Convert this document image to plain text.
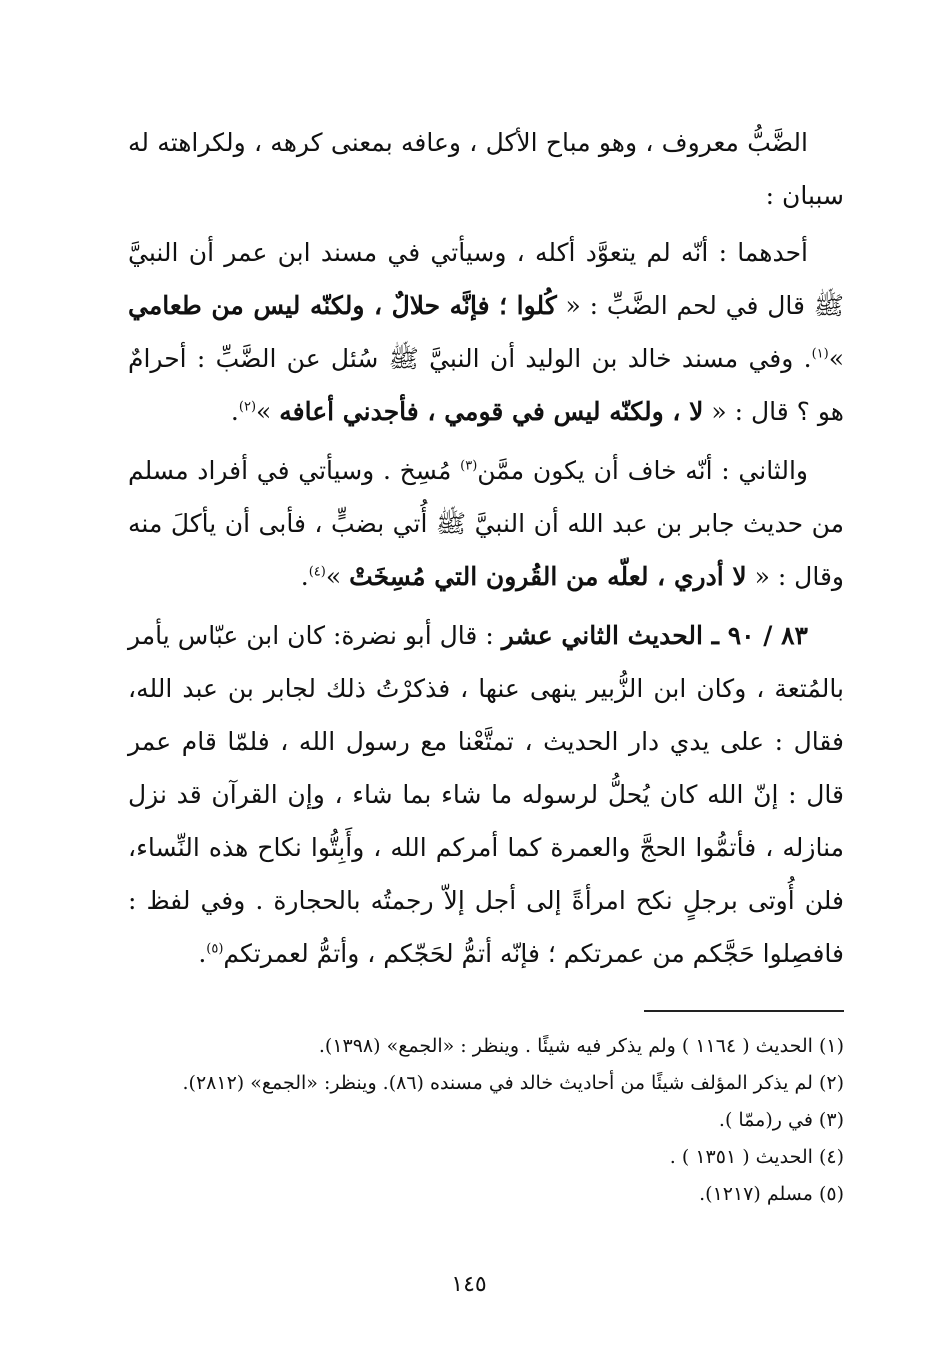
الضَّبُّ معروف ، وهو مباح الأكل ، وعافه بمعنى كرهه ، ولكراهته له سببان :

أحدهما : أنّه لم يتعوَّد أكله ، وسيأتي في مسند ابن عمر أن النبيَّ ﷺ قال في لحم الضَّبِّ : « كُلوا ؛ فإنَّه حلالٌ ، ولكنّه ليس من طعامي »$^{(١)}$. وفي مسند خالد بن الوليد أن النبيَّ ﷺ سُئل عن الضَّبِّ : أحرامٌ هو ؟ قال : « لا ، ولكنّه ليس في قومي ، فأجدني أعافه »$^{(٢)}$.

والثاني : أنّه خاف أن يكون ممَّن$^{(٣)}$ مُسِخ . وسيأتي في أفراد مسلم من حديث جابر بن عبد الله أن النبيَّ ﷺ أُتي بضبٍّ ، فأبى أن يأكلَ منه وقال : « لا أدري ، لعلّه من القُرون التي مُسِخَتْ »$^{(٤)}$.

٨٣ / ٩٠ ـ الحديث الثاني عشر : قال أبو نضرة: كان ابن عبّاس يأمر بالمُتعة ، وكان ابن الزُّبير ينهى عنها ، فذكرْتُ ذلك لجابر بن عبد الله، فقال : على يدي دار الحديث ، تمتَّعْنا مع رسول الله ، فلمّا قام عمر قال : إنّ الله كان يُحلُّ لرسوله ما شاء بما شاء ، وإن القرآن قد نزل منازله ، فأتمُّوا الحجَّ والعمرة كما أمركم الله ، وأَبِتُّوا نكاح هذه النِّساء، فلن أُوتى برجلٍ نكح امرأةً إلى أجل إلاّ رجمتُه بالحجارة . وفي لفظ : فافصِلوا حَجَّكم من عمرتكم ؛ فإنّه أتمُّ لحَجّكم ، وأتمُّ لعمرتكم$^{(٥)}$.

(١) الحديث ( ١١٦٤ ) ولم يذكر فيه شيئًا . وينظر : «الجمع» (١٣٩٨).
(٢) لم يذكر المؤلف شيئًا من أحاديث خالد في مسنده (٨٦). وينظر: «الجمع» (٢٨١٢).
(٣) في ر(ممّا ).
(٤) الحديث ( ١٣٥١ ) .
(٥) مسلم (١٢١٧).
١٤٥
